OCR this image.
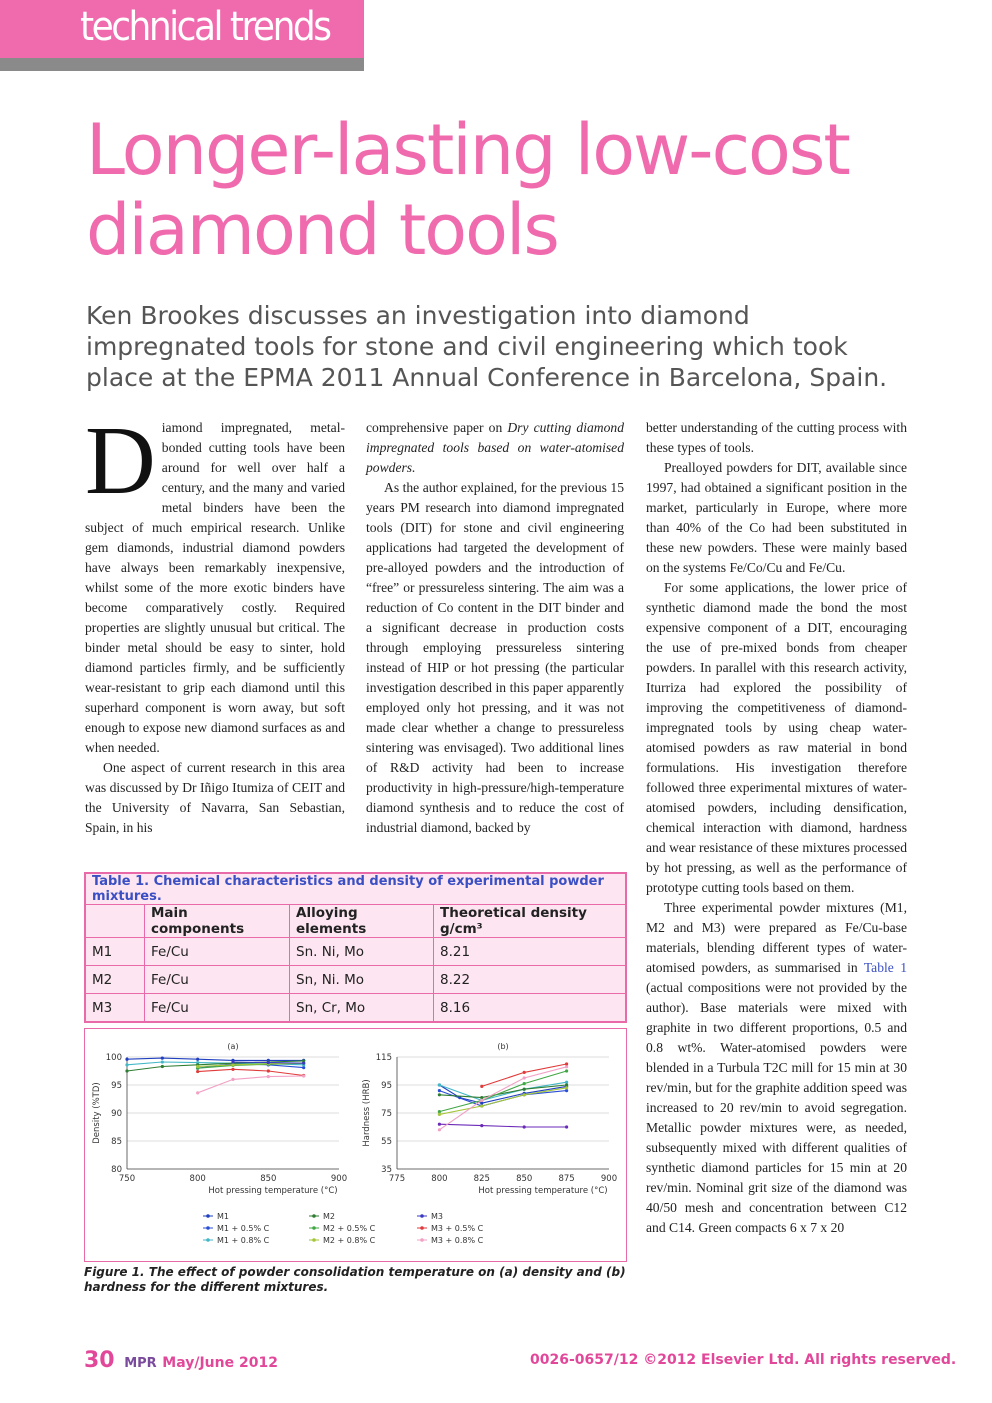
technical trends
Longer-lasting low-cost
diamond tools
Ken Brookes discusses an investigation into diamond impregnated tools for stone and civil engineering which took place at the EPMA 2011 Annual Conference in Barcelona, Spain.

Diamond impregnated, metal-bonded cutting tools have been around for well over half a century, and the many and varied metal binders have been the subject of much empirical research. Unlike gem diamonds, industrial diamond powders have always been remarkably inexpensive, whilst some of the more exotic binders have become comparatively costly. Required properties are slightly unusual but critical. The binder metal should be easy to sinter, hold diamond particles firmly, and be sufficiently wear-resistant to grip each diamond until this superhard component is worn away, but soft enough to expose new diamond surfaces as and when needed.

One aspect of current research in this area was discussed by Dr Iñigo Itumiza of CEIT and the University of Navarra, San Sebastian, Spain, in his

comprehensive paper on Dry cutting diamond impregnated tools based on water-atomised powders.

As the author explained, for the previous 15 years PM research into diamond impregnated tools (DIT) for stone and civil engineering applications had targeted the development of pre-alloyed powders and the introduction of “free” or pressureless sintering. The aim was a reduction of Co content in the DIT binder and a significant decrease in production costs through employing pressureless sintering instead of HIP or hot pressing (the particular investigation described in this paper apparently employed only hot pressing, and it was not made clear whether a change to pressureless sintering was envisaged). Two additional lines of R&D activity had been to increase productivity in high-pressure/high-temperature diamond synthesis and to reduce the cost of industrial diamond, backed by

better understanding of the cutting process with these types of tools.

Prealloyed powders for DIT, available since 1997, had obtained a significant position in the market, particularly in Europe, where more than 40% of the Co had been substituted in these new powders. These were mainly based on the systems Fe/Co/Cu and Fe/Cu.

For some applications, the lower price of synthetic diamond made the bond the most expensive component of a DIT, encouraging the use of pre-mixed bonds from cheaper powders. In parallel with this research activity, Iturriza had explored the possibility of improving the competitiveness of diamond-impregnated tools by using cheap water-atomised powders as raw material in bond formulations. His investigation therefore followed three experimental mixtures of water-atomised powders, including densification, chemical interaction with diamond, hardness and wear resistance of these mixtures processed by hot pressing, as well as the performance of prototype cutting tools based on them.

Three experimental powder mixtures (M1, M2 and M3) were prepared as Fe/Cu-base materials, blending different types of water-atomised powders, as summarised in Table 1 (actual compositions were not provided by the author). Base materials were mixed with graphite in two different proportions, 0.5 and 0.8 wt%. Water-atomised powders were blended in a Turbula T2C mill for 15 min at 30 rev/min, but for the graphite addition speed was increased to 20 rev/min to avoid segregation. Metallic powder mixtures were, as needed, subsequently mixed with different qualities of synthetic diamond particles for 15 min at 20 rev/min. Nominal grit size of the diamond was 40/50 mesh and concentration between C12 and C14. Green compacts 6 x 7 x 20

Table 1. Chemical characteristics and density of experimental powder mixtures.			
	Main components	Alloying elements	Theoretical density g/cm³
M1	Fe/Cu	Sn. Ni, Mo	8.21
M2	Fe/Cu	Sn, Ni. Mo	8.22
M3	Fe/Cu	Sn, Cr, Mo	8.16
100
95
90
85
80
750	800	850	900
Hot pressing temperature (°C)
Density (%TD)
(a)
115
95
75
55
35
775	800	825	850	875	900
Hot pressing temperature (°C)
Hardness (HRB)
(b)
M1	M2	M3
M1 + 0.5% C	M2 + 0.5% C	M3 + 0.5% C
M1 + 0.8% C	M2 + 0.8% C	M3 + 0.8% C
Figure 1. The effect of powder consolidation temperature on (a) density and (b) hardness for the different mixtures.
30 MPR May/June 2012	0026-0657/12 ©2012 Elsevier Ltd. All rights reserved.
